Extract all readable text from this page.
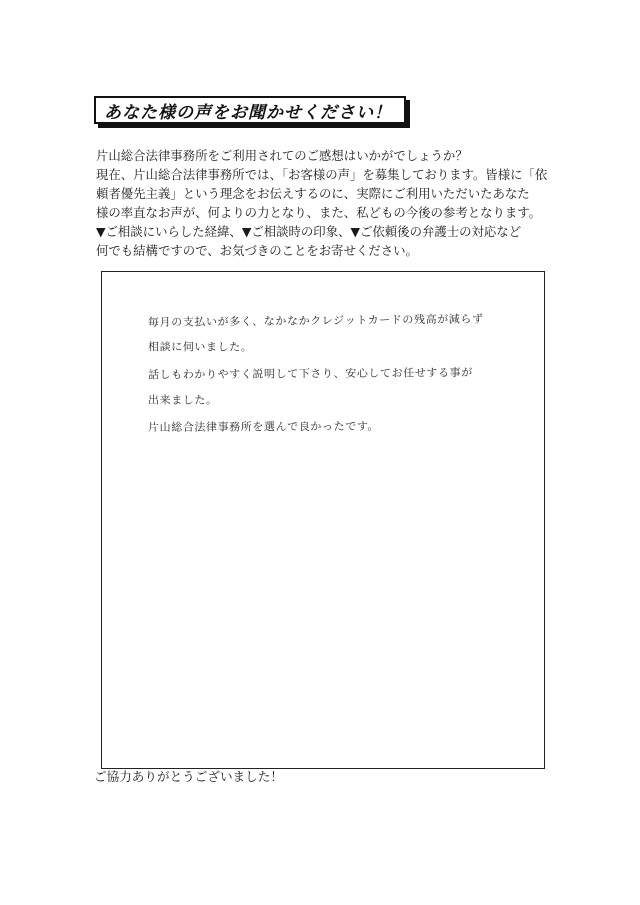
あなた様の声をお聞かせください！
片山総合法律事務所をご利用されてのご感想はいかがでしょうか？
現在、片山総合法律事務所では、「お客様の声」を募集しております。皆様に「依
頼者優先主義」という理念をお伝えするのに、実際にご利用いただいたあなた
様の率直なお声が、何よりの力となり、また、私どもの今後の参考となります。
▼ご相談にいらした経緯、▼ご相談時の印象、▼ご依頼後の弁護士の対応など
何でも結構ですので、お気づきのことをお寄せください。
毎月の支払いが多く、なかなかクレジットカードの残高が減らず
相談に伺いました。
話しもわかりやすく説明して下さり、安心してお任せする事が
出来ました。
片山総合法律事務所を選んで良かったです。
ご協力ありがとうございました！
